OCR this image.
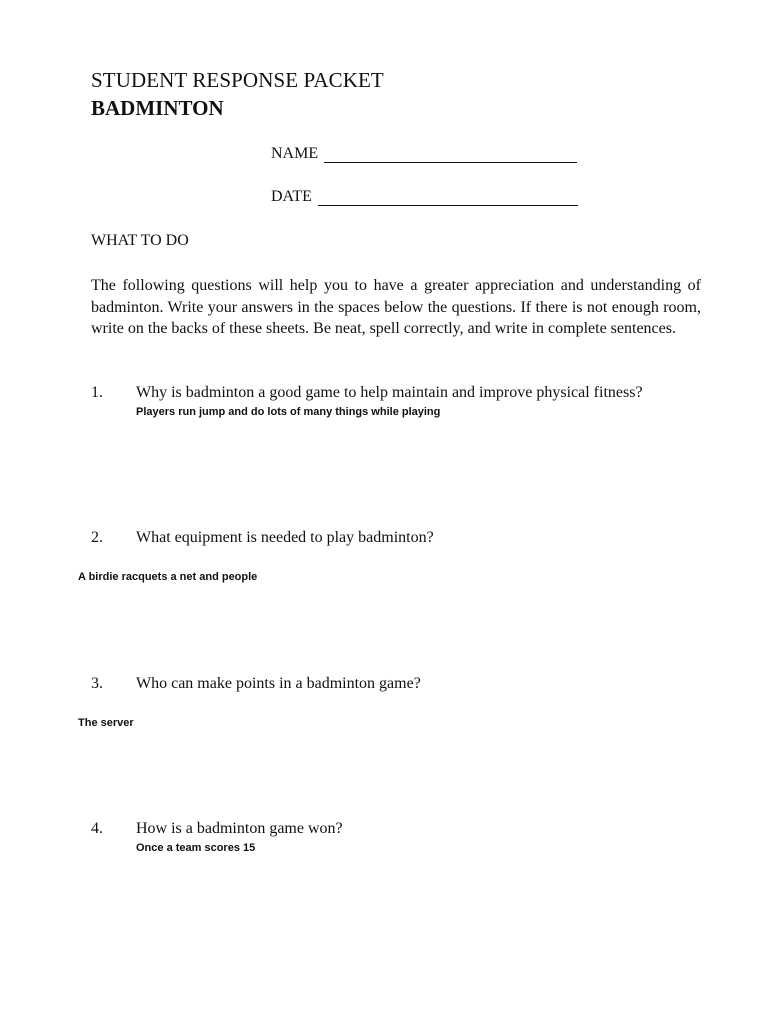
STUDENT RESPONSE PACKET
BADMINTON
NAME
DATE
WHAT TO DO

The following questions will help you to have a greater appreciation and understanding of badminton. Write your answers in the spaces below the questions. If there is not enough room, write on the backs of these sheets. Be neat, spell correctly, and write in complete sentences.

1. Why is badminton a good game to help maintain and improve physical fitness?
Players run jump and do lots of many things while playing
2. What equipment is needed to play badminton?
A birdie racquets a net and people
3. Who can make points in a badminton game?
The server
4. How is a badminton game won?
Once a team scores 15
